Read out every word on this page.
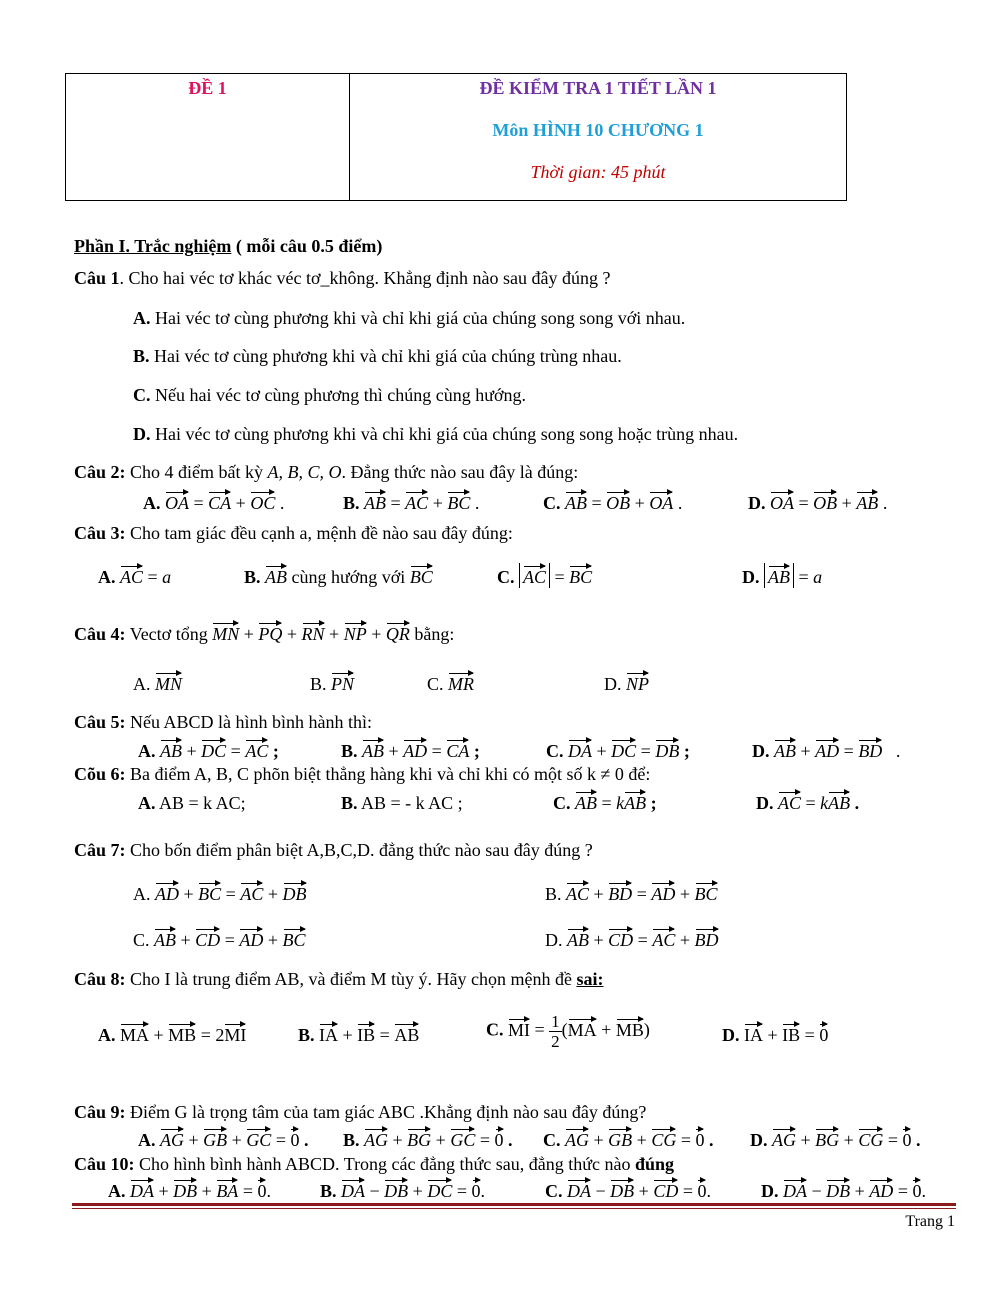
ĐỀ 1	ĐỀ KIỂM TRA 1 TIẾT LẦN 1
Môn HÌNH 10 CHƯƠNG 1
Thời gian: 45 phút
Phần I. Trắc nghiệm ( mỗi câu 0.5 điểm)
Câu 1. Cho hai véc tơ khác véc tơ_không. Khẳng định nào sau đây đúng ?
A. Hai véc tơ cùng phương khi và chỉ khi giá của chúng song song với nhau.
B. Hai véc tơ cùng phương khi và chỉ khi giá của chúng trùng nhau.
C. Nếu hai véc tơ cùng phương thì chúng cùng hướng.
D. Hai véc tơ cùng phương khi và chỉ khi giá của chúng song song hoặc trùng nhau.
Câu 2: Cho 4 điểm bất kỳ A, B, C, O. Đẳng thức nào sau đây là đúng:
A. OA = CA + OC .	B. AB = AC + BC .	C. AB = OB + OA .	D. OA = OB + AB .
Câu 3: Cho tam giác đều cạnh a, mệnh đề nào sau đây đúng:
A. AC = a	B. AB cùng hướng với BC	C. AC = BC	D. AB = a
Câu 4: Vectơ tổng MN + PQ + RN + NP + QR bằng:
A. MN	B. PN	C. MR	D. NP
Câu 5: Nếu ABCD là hình bình hành thì:
A. AB + DC = AC ;	B. AB + AD = CA ;	C. DA + DC = DB ;	D. AB + AD = BD   .
Cõu 6: Ba điểm A, B, C phõn biệt thẳng hàng khi và chỉ khi có một số k ≠ 0 để:
A. AB = k AC;	B. AB = - k AC ;	C. AB = kAB ;	D. AC = kAB .
Câu 7: Cho bốn điểm phân biệt A,B,C,D. đẳng thức nào sau đây đúng ?
A. AD + BC = AC + DB	B. AC + BD = AD + BC
C. AB + CD = AD + BC	D. AB + CD = AC + BD
Câu 8: Cho I là trung điểm AB, và điểm M tùy ý. Hãy chọn mệnh đề sai:
A. MA + MB = 2MI	B. IA + IB = AB	C. MI = $\frac{1}{2} (MA + MB)$	D. IA + IB = 0
Câu 9: Điểm G là trọng tâm của tam giác ABC .Khẳng định nào sau đây đúng?
A. AG + GB + GC = 0 . B. AG + BG + GC = 0 . C. AG + GB + CG = 0 . D. AG + BG + CG = 0 .
Câu 10: Cho hình bình hành ABCD. Trong các đẳng thức sau, đẳng thức nào đúng
A. DA + DB + BA = 0.	B. DA − DB + DC = 0.	C. DA − DB + CD = 0.	D. DA − DB + AD = 0.
Trang 1
